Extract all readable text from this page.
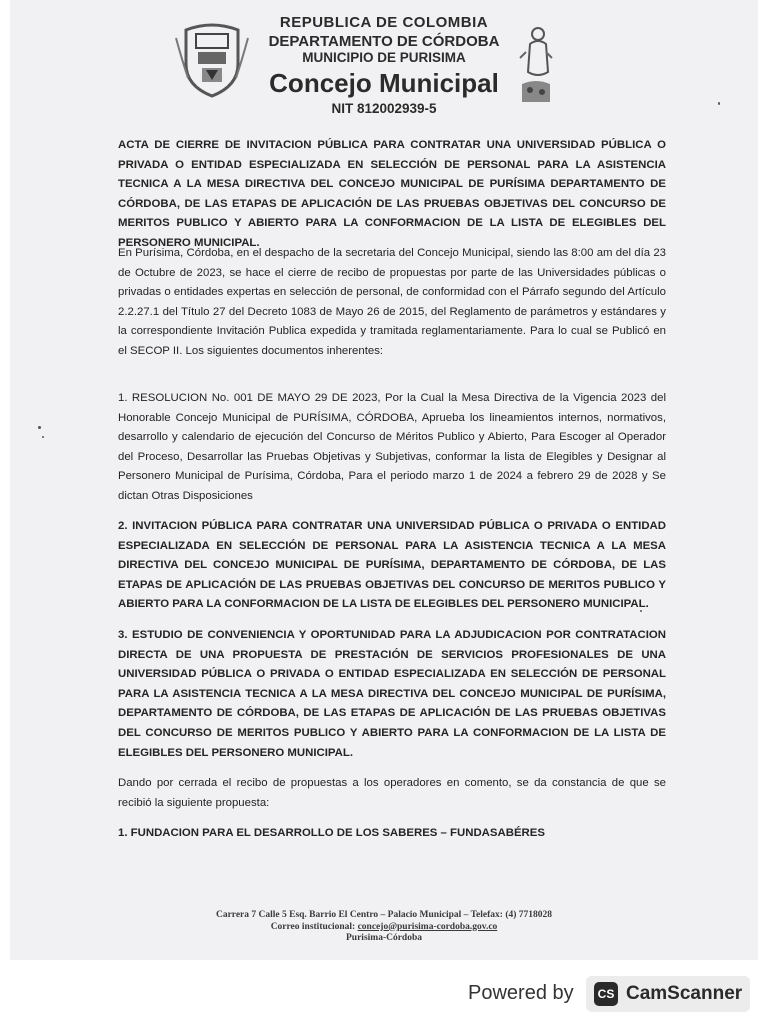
REPUBLICA DE COLOMBIA
DEPARTAMENTO DE CÓRDOBA
MUNICIPIO DE PURISIMA
Concejo Municipal
NIT 812002939-5
ACTA DE CIERRE DE INVITACION PÚBLICA PARA CONTRATAR UNA UNIVERSIDAD PÚBLICA O PRIVADA O ENTIDAD ESPECIALIZADA EN SELECCIÓN DE PERSONAL PARA LA ASISTENCIA TECNICA A LA MESA DIRECTIVA DEL CONCEJO MUNICIPAL DE PURÍSIMA DEPARTAMENTO DE CÓRDOBA, DE LAS ETAPAS DE APLICACIÓN DE LAS PRUEBAS OBJETIVAS DEL CONCURSO DE MERITOS PUBLICO Y ABIERTO PARA LA CONFORMACION DE LA LISTA DE ELEGIBLES DEL PERSONERO MUNICIPAL.
En Purísima, Córdoba, en el despacho de la secretaria del Concejo Municipal, siendo las 8:00 am del día 23 de Octubre de 2023, se hace el cierre de recibo de propuestas por parte de las Universidades públicas o privadas o entidades expertas en selección de personal, de conformidad con el Párrafo segundo del Artículo 2.2.27.1 del Título 27 del Decreto 1083 de Mayo 26 de 2015, del Reglamento de parámetros y estándares y la correspondiente Invitación Publica expedida y tramitada reglamentariamente. Para lo cual se Publicó en el SECOP II. Los siguientes documentos inherentes:
1. RESOLUCION No. 001 DE MAYO 29 DE 2023, Por la Cual la Mesa Directiva de la Vigencia 2023 del Honorable Concejo Municipal de PURÍSIMA, CÓRDOBA, Aprueba los lineamientos internos, normativos, desarrollo y calendario de ejecución del Concurso de Méritos Publico y Abierto, Para Escoger al Operador del Proceso, Desarrollar las Pruebas Objetivas y Subjetivas, conformar la lista de Elegibles y Designar al Personero Municipal de Purísima, Córdoba, Para el periodo marzo 1 de 2024 a febrero 29 de 2028 y Se dictan Otras Disposiciones
2. INVITACION PÚBLICA PARA CONTRATAR UNA UNIVERSIDAD PÚBLICA O PRIVADA O ENTIDAD ESPECIALIZADA EN SELECCIÓN DE PERSONAL PARA LA ASISTENCIA TECNICA A LA MESA DIRECTIVA DEL CONCEJO MUNICIPAL DE PURÍSIMA, DEPARTAMENTO DE CÓRDOBA, DE LAS ETAPAS DE APLICACIÓN DE LAS PRUEBAS OBJETIVAS DEL CONCURSO DE MERITOS PUBLICO Y ABIERTO PARA LA CONFORMACION DE LA LISTA DE ELEGIBLES DEL PERSONERO MUNICIPAL.
3. ESTUDIO DE CONVENIENCIA Y OPORTUNIDAD PARA LA ADJUDICACION POR CONTRATACION DIRECTA DE UNA PROPUESTA DE PRESTACIÓN DE SERVICIOS PROFESIONALES DE UNA UNIVERSIDAD PÚBLICA O PRIVADA O ENTIDAD ESPECIALIZADA EN SELECCIÓN DE PERSONAL PARA LA ASISTENCIA TECNICA A LA MESA DIRECTIVA DEL CONCEJO MUNICIPAL DE PURÍSIMA, DEPARTAMENTO DE CÓRDOBA, DE LAS ETAPAS DE APLICACIÓN DE LAS PRUEBAS OBJETIVAS DEL CONCURSO DE MERITOS PUBLICO Y ABIERTO PARA LA CONFORMACION DE LA LISTA DE ELEGIBLES DEL PERSONERO MUNICIPAL.
Dando por cerrada el recibo de propuestas a los operadores en comento, se da constancia de que se recibió la siguiente propuesta:
1. FUNDACION PARA EL DESARROLLO DE LOS SABERES – FUNDASABÉRES
Carrera 7 Calle 5 Esq. Barrio El Centro – Palacio Municipal – Telefax: (4) 7718028
Correo institucional: concejo@purisima-cordoba.gov.co
Purisima-Córdoba
Powered by	CS CamScanner
